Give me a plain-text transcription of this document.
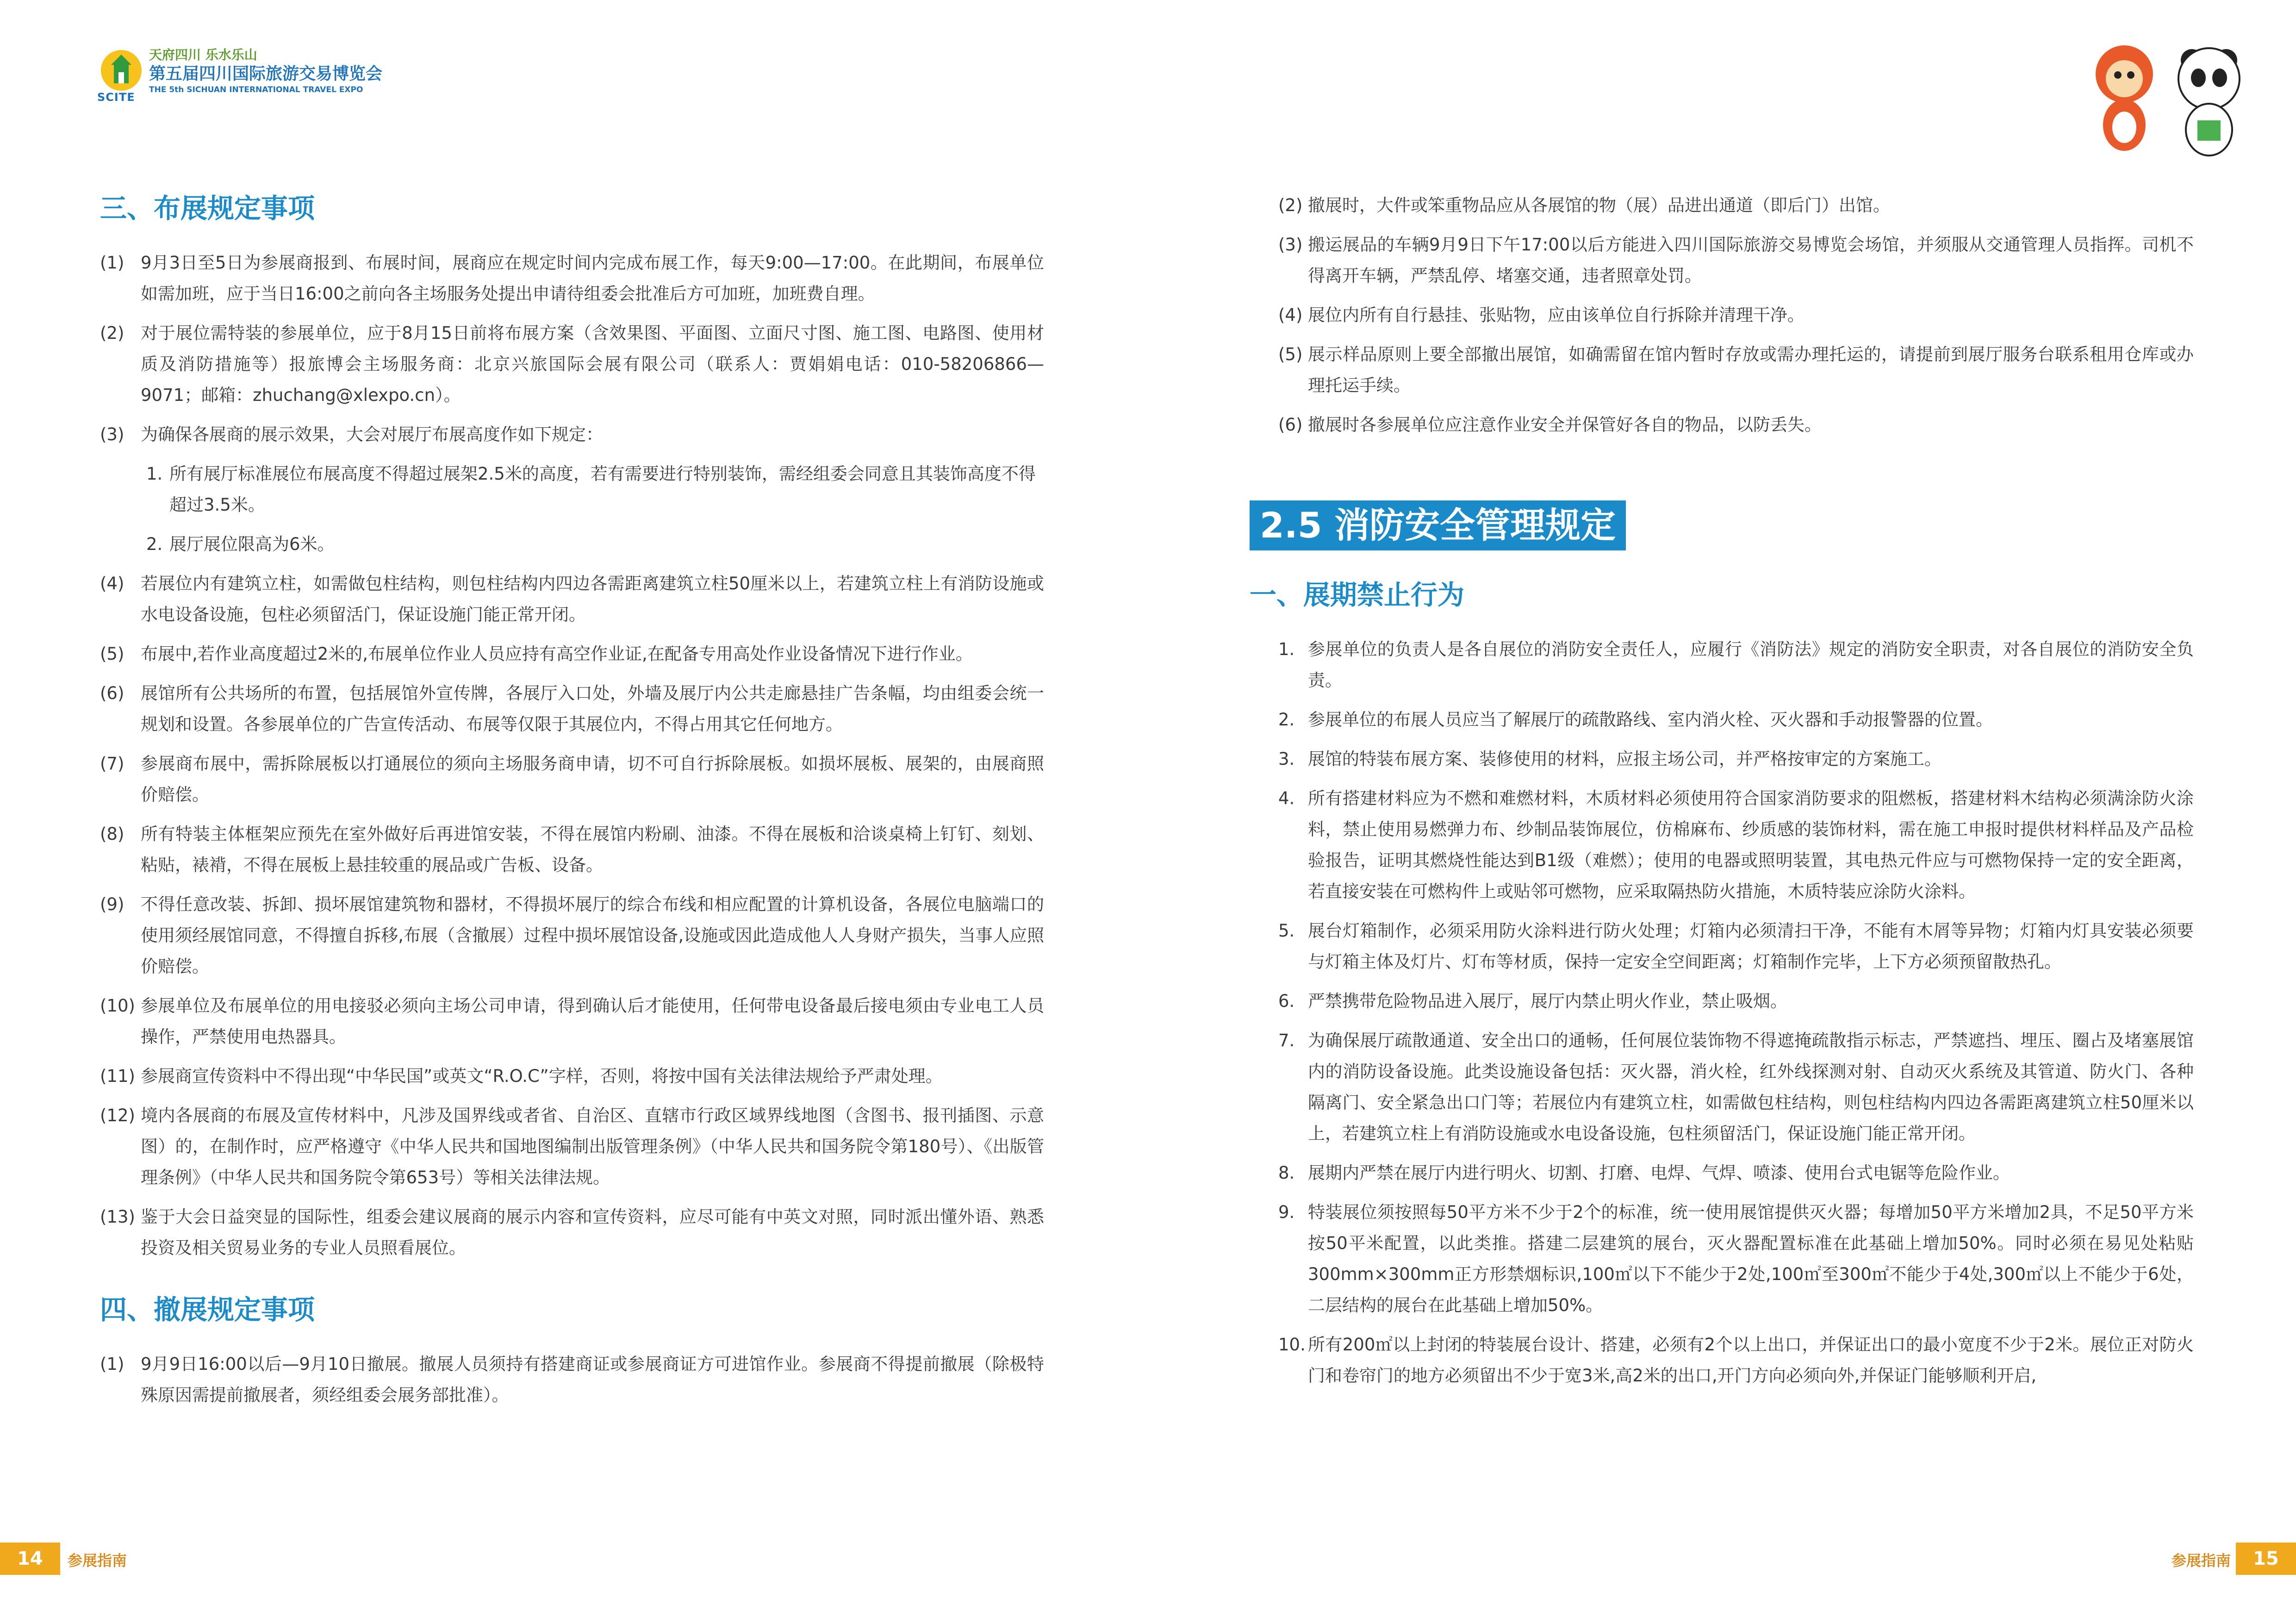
天府四川 乐水乐山
第五届四川国际旅游交易博览会
THE 5th SICHUAN INTERNATIONAL TRAVEL EXPO
SCITE
三、布展规定事项
(1) 9月3日至5日为参展商报到、布展时间，展商应在规定时间内完成布展工作，每天9:00—17:00。在此期间，布展单位如需加班，应于当日16:00之前向各主场服务处提出申请待组委会批准后方可加班，加班费自理。
(2) 对于展位需特装的参展单位，应于8月15日前将布展方案（含效果图、平面图、立面尺寸图、施工图、电路图、使用材质及消防措施等）报旅博会主场服务商：北京兴旅国际会展有限公司（联系人：贾娟娟电话：010-58206866—9071；邮箱：zhuchang@xlexpo.cn）。
(3) 为确保各展商的展示效果，大会对展厅布展高度作如下规定：
1. 所有展厅标准展位布展高度不得超过展架2.5米的高度，若有需要进行特别装饰，需经组委会同意且其装饰高度不得超过3.5米。
2. 展厅展位限高为6米。
(4) 若展位内有建筑立柱，如需做包柱结构，则包柱结构内四边各需距离建筑立柱50厘米以上，若建筑立柱上有消防设施或水电设备设施，包柱必须留活门，保证设施门能正常开闭。
(5) 布展中,若作业高度超过2米的,布展单位作业人员应持有高空作业证,在配备专用高处作业设备情况下进行作业。
(6) 展馆所有公共场所的布置，包括展馆外宣传牌，各展厅入口处，外墙及展厅内公共走廊悬挂广告条幅，均由组委会统一规划和设置。各参展单位的广告宣传活动、布展等仅限于其展位内，不得占用其它任何地方。
(7) 参展商布展中，需拆除展板以打通展位的须向主场服务商申请，切不可自行拆除展板。如损坏展板、展架的，由展商照价赔偿。
(8) 所有特装主体框架应预先在室外做好后再进馆安装，不得在展馆内粉刷、油漆。不得在展板和洽谈桌椅上钉钉、刻划、粘贴，裱褙，不得在展板上悬挂较重的展品或广告板、设备。
(9) 不得任意改装、拆卸、损坏展馆建筑物和器材，不得损坏展厅的综合布线和相应配置的计算机设备，各展位电脑端口的使用须经展馆同意，不得擅自拆移,布展（含撤展）过程中损坏展馆设备,设施或因此造成他人人身财产损失，当事人应照价赔偿。
(10) 参展单位及布展单位的用电接驳必须向主场公司申请，得到确认后才能使用，任何带电设备最后接电须由专业电工人员操作，严禁使用电热器具。
(11) 参展商宣传资料中不得出现“中华民国”或英文“R.O.C”字样，否则，将按中国有关法律法规给予严肃处理。
(12) 境内各展商的布展及宣传材料中，凡涉及国界线或者省、自治区、直辖市行政区域界线地图（含图书、报刊插图、示意图）的，在制作时，应严格遵守《中华人民共和国地图编制出版管理条例》（中华人民共和国务院令第180号）、《出版管理条例》（中华人民共和国务院令第653号）等相关法律法规。
(13) 鉴于大会日益突显的国际性，组委会建议展商的展示内容和宣传资料，应尽可能有中英文对照，同时派出懂外语、熟悉投资及相关贸易业务的专业人员照看展位。
四、撤展规定事项
(1) 9月9日16:00以后—9月10日撤展。撤展人员须持有搭建商证或参展商证方可进馆作业。参展商不得提前撤展（除极特殊原因需提前撤展者，须经组委会展务部批准）。
(2) 撤展时，大件或笨重物品应从各展馆的物（展）品进出通道（即后门）出馆。
(3) 搬运展品的车辆9月9日下午17:00以后方能进入四川国际旅游交易博览会场馆，并须服从交通管理人员指挥。司机不得离开车辆，严禁乱停、堵塞交通，违者照章处罚。
(4) 展位内所有自行悬挂、张贴物，应由该单位自行拆除并清理干净。
(5) 展示样品原则上要全部撤出展馆，如确需留在馆内暂时存放或需办理托运的，请提前到展厅服务台联系租用仓库或办理托运手续。
(6) 撤展时各参展单位应注意作业安全并保管好各自的物品，以防丢失。
2.5 消防安全管理规定
一、展期禁止行为
1. 参展单位的负责人是各自展位的消防安全责任人，应履行《消防法》规定的消防安全职责，对各自展位的消防安全负责。
2. 参展单位的布展人员应当了解展厅的疏散路线、室内消火栓、灭火器和手动报警器的位置。
3. 展馆的特装布展方案、装修使用的材料，应报主场公司，并严格按审定的方案施工。
4. 所有搭建材料应为不燃和难燃材料，木质材料必须使用符合国家消防要求的阻燃板，搭建材料木结构必须满涂防火涂料，禁止使用易燃弹力布、纱制品装饰展位，仿棉麻布、纱质感的装饰材料，需在施工申报时提供材料样品及产品检验报告，证明其燃烧性能达到B1级（难燃）；使用的电器或照明装置，其电热元件应与可燃物保持一定的安全距离，若直接安装在可燃构件上或贴邻可燃物，应采取隔热防火措施，木质特装应涂防火涂料。
5. 展台灯箱制作，必须采用防火涂料进行防火处理；灯箱内必须清扫干净，不能有木屑等异物；灯箱内灯具安装必须要与灯箱主体及灯片、灯布等材质，保持一定安全空间距离；灯箱制作完毕，上下方必须预留散热孔。
6. 严禁携带危险物品进入展厅，展厅内禁止明火作业，禁止吸烟。
7. 为确保展厅疏散通道、安全出口的通畅，任何展位装饰物不得遮掩疏散指示标志，严禁遮挡、埋压、圈占及堵塞展馆内的消防设备设施。此类设施设备包括：灭火器，消火栓，红外线探测对射、自动灭火系统及其管道、防火门、各种隔离门、安全紧急出口门等；若展位内有建筑立柱，如需做包柱结构，则包柱结构内四边各需距离建筑立柱50厘米以上，若建筑立柱上有消防设施或水电设备设施，包柱须留活门，保证设施门能正常开闭。
8. 展期内严禁在展厅内进行明火、切割、打磨、电焊、气焊、喷漆、使用台式电锯等危险作业。
9. 特装展位须按照每50平方米不少于2个的标准，统一使用展馆提供灭火器；每增加50平方米增加2具，不足50平方米按50平米配置，以此类推。搭建二层建筑的展台，灭火器配置标准在此基础上增加50%。同时必须在易见处粘贴300mm×300mm正方形禁烟标识,100㎡以下不能少于2处,100㎡至300㎡不能少于4处,300㎡以上不能少于6处，二层结构的展台在此基础上增加50%。
10. 所有200㎡以上封闭的特装展台设计、搭建，必须有2个以上出口，并保证出口的最小宽度不少于2米。展位正对防火门和卷帘门的地方必须留出不少于宽3米,高2米的出口,开门方向必须向外,并保证门能够顺利开启,
14	参展指南	参展指南	15
